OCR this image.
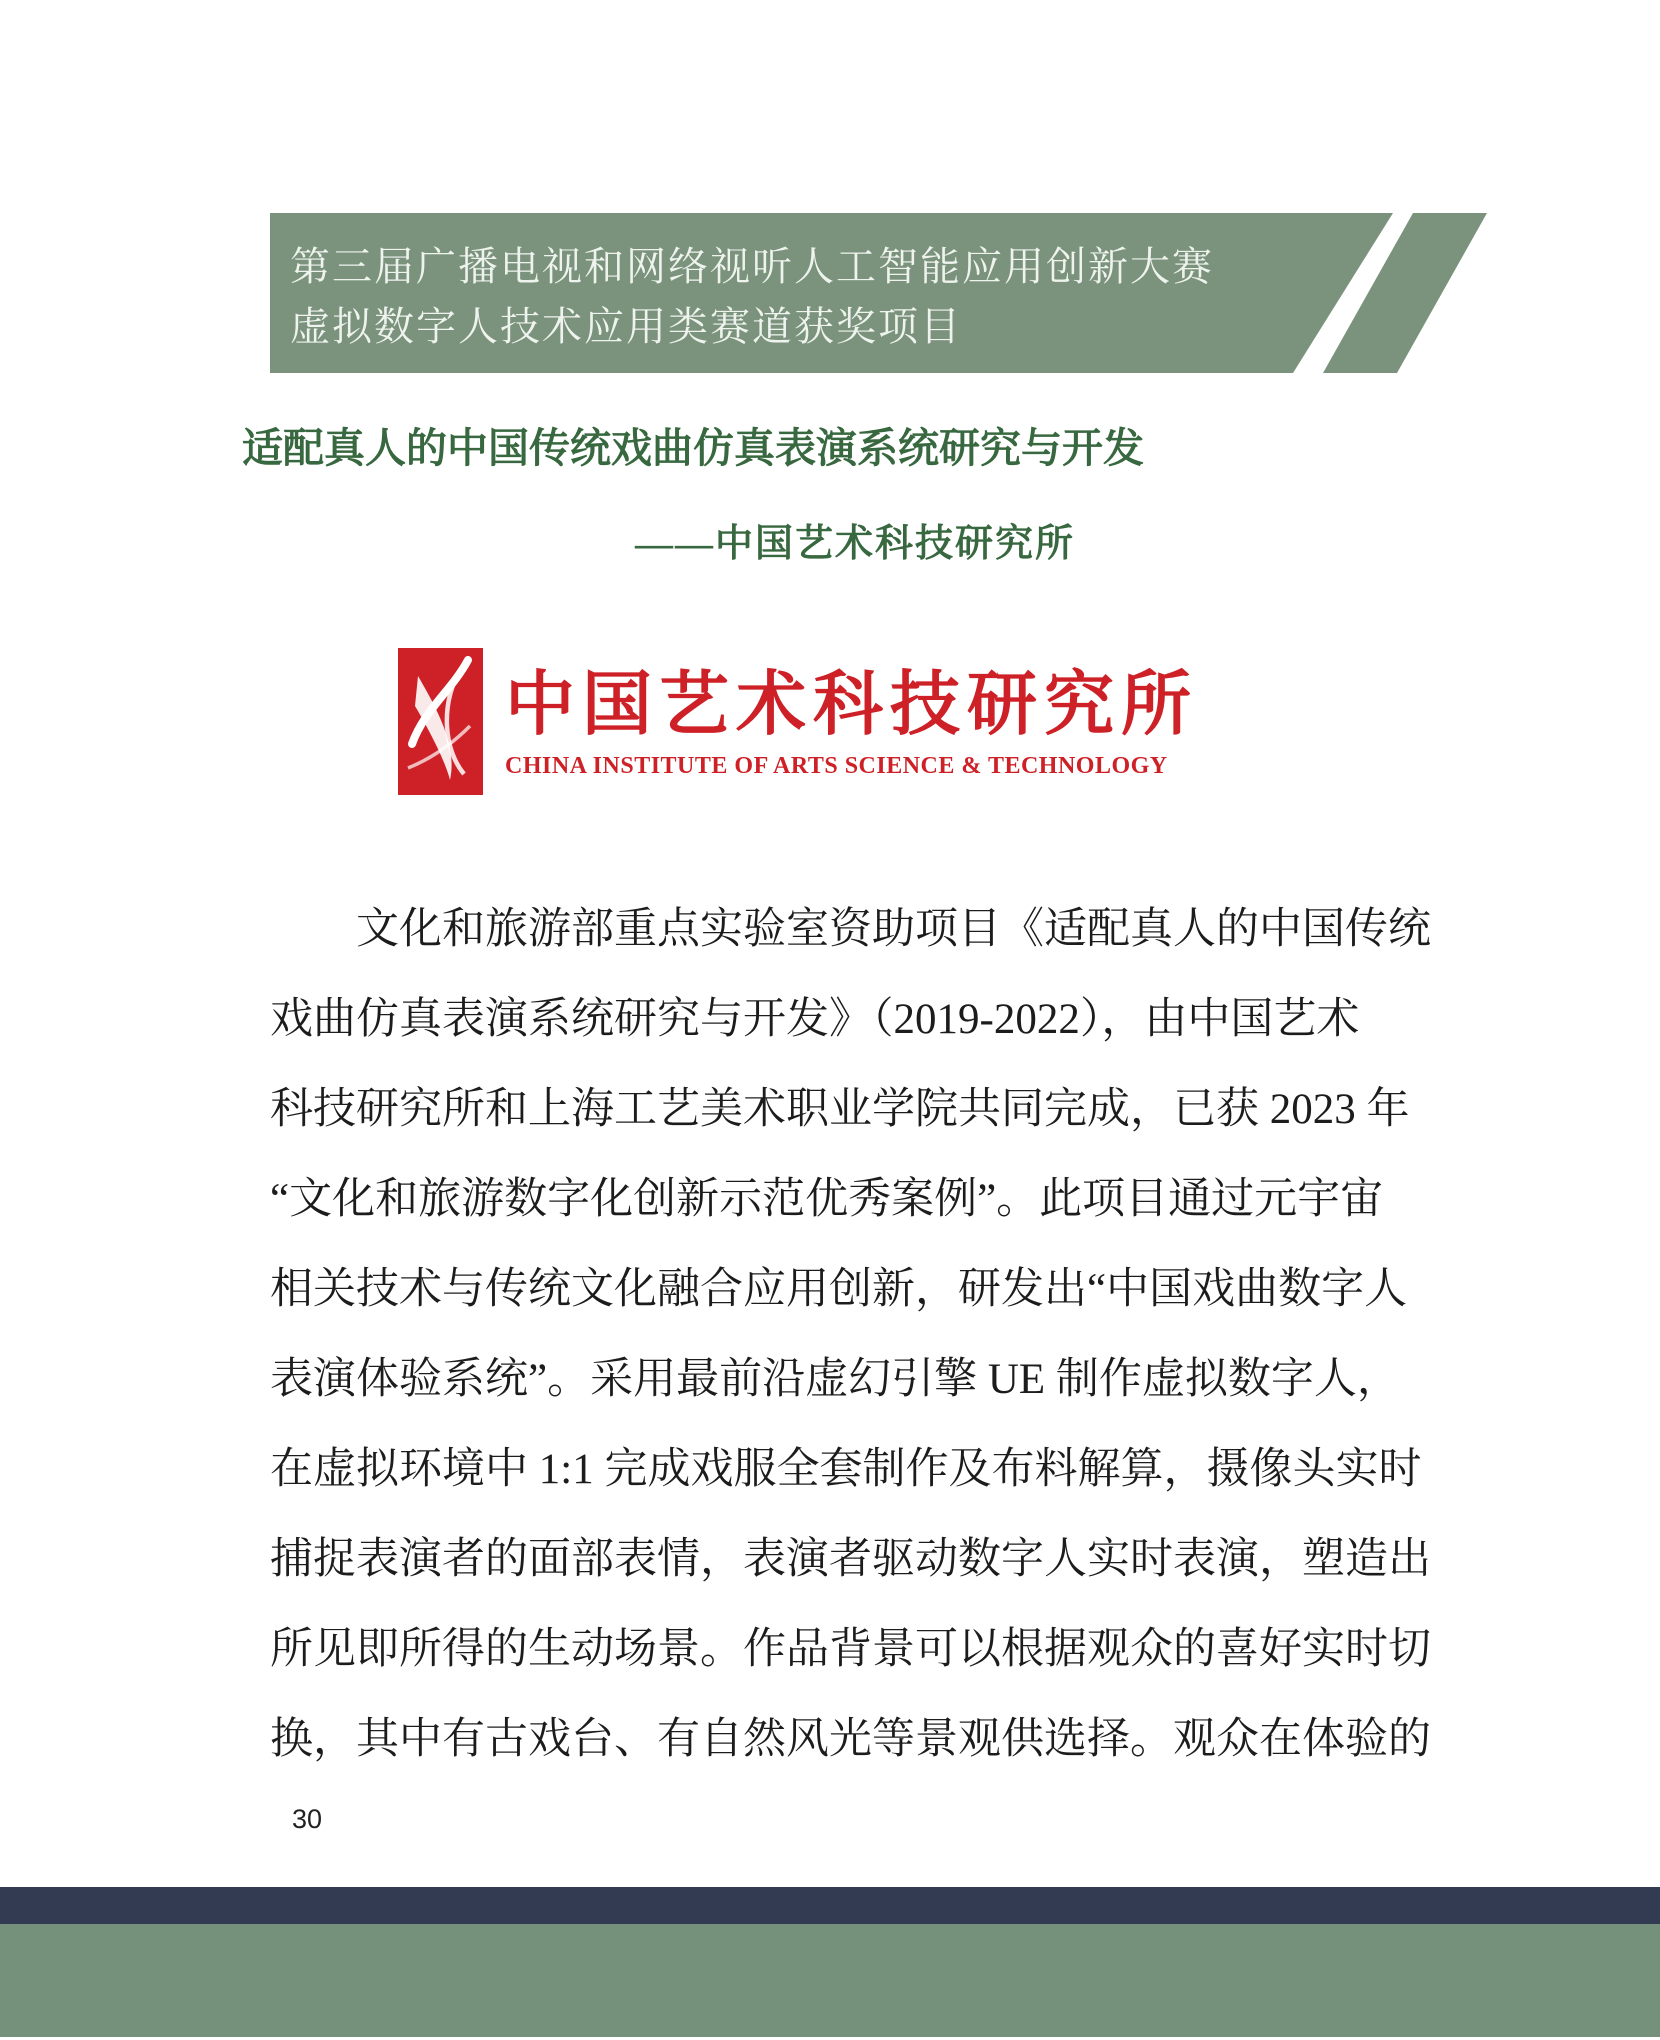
第三届广播电视和网络视听人工智能应用创新大赛
虚拟数字人技术应用类赛道获奖项目
适配真人的中国传统戏曲仿真表演系统研究与开发
——中国艺术科技研究所
中国艺术科技研究所
CHINA INSTITUTE OF ARTS SCIENCE & TECHNOLOGY
文化和旅游部重点实验室资助项目《适配真人的中国传统
戏曲仿真表演系统研究与开发》（2019-2022），由中国艺术
科技研究所和上海工艺美术职业学院共同完成，已获 2023 年
“文化和旅游数字化创新示范优秀案例”。此项目通过元宇宙
相关技术与传统文化融合应用创新，研发出“中国戏曲数字人
表演体验系统”。采用最前沿虚幻引擎 UE 制作虚拟数字人，
在虚拟环境中 1:1 完成戏服全套制作及布料解算，摄像头实时
捕捉表演者的面部表情，表演者驱动数字人实时表演，塑造出
所见即所得的生动场景。作品背景可以根据观众的喜好实时切
换，其中有古戏台、有自然风光等景观供选择。观众在体验的
30
